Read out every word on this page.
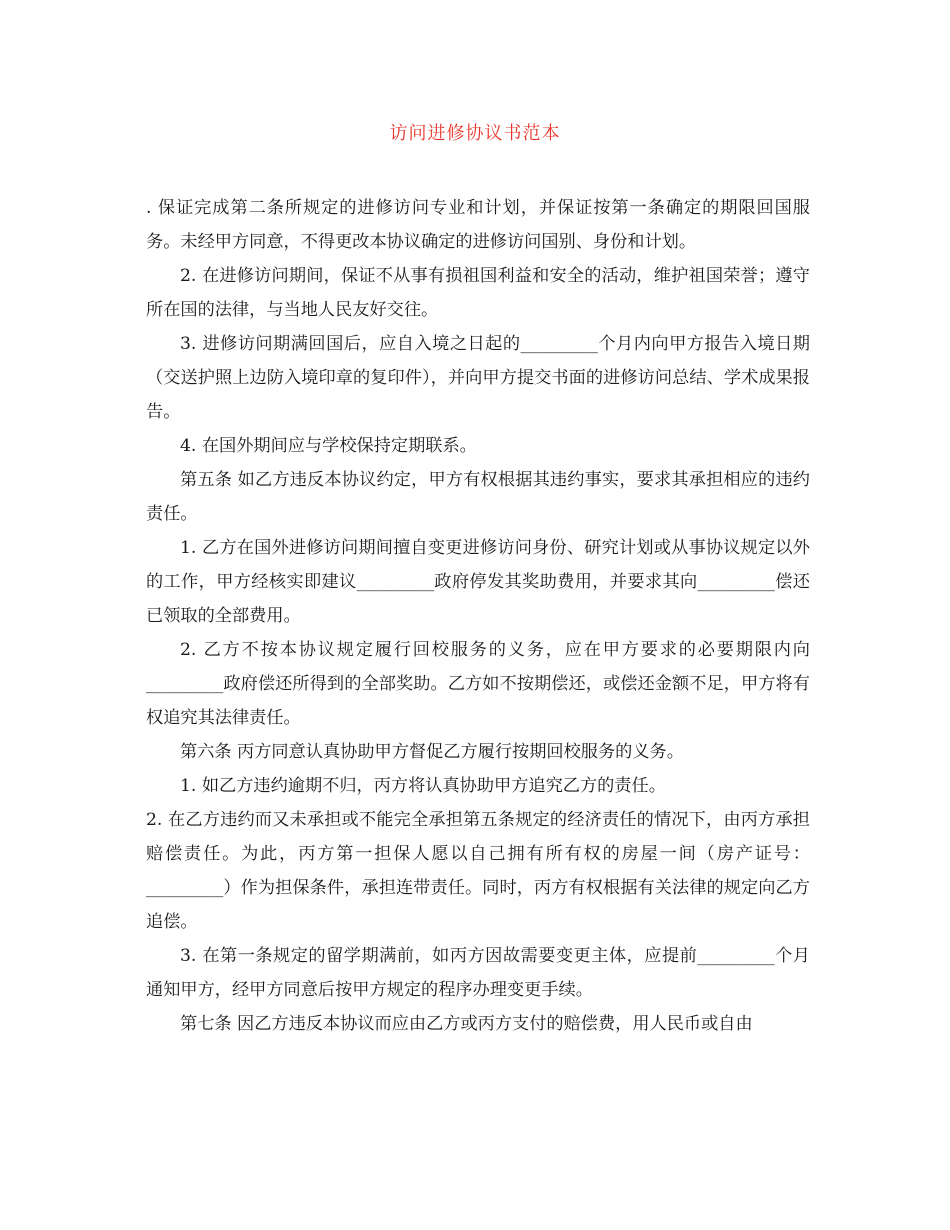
访问进修协议书范本

. 保证完成第二条所规定的进修访问专业和计划，并保证按第一条确定的期限回国服务。未经甲方同意，不得更改本协议确定的进修访问国别、身份和计划。

2. 在进修访问期间，保证不从事有损祖国利益和安全的活动，维护祖国荣誉；遵守所在国的法律，与当地人民友好交往。

3. 进修访问期满回国后，应自入境之日起的_________个月内向甲方报告入境日期（交送护照上边防入境印章的复印件），并向甲方提交书面的进修访问总结、学术成果报告。

4. 在国外期间应与学校保持定期联系。

第五条 如乙方违反本协议约定，甲方有权根据其违约事实，要求其承担相应的违约责任。

1. 乙方在国外进修访问期间擅自变更进修访问身份、研究计划或从事协议规定以外的工作，甲方经核实即建议_________政府停发其奖助费用，并要求其向_________偿还已领取的全部费用。

2. 乙方不按本协议规定履行回校服务的义务，应在甲方要求的必要期限内向_________政府偿还所得到的全部奖助。乙方如不按期偿还，或偿还金额不足，甲方将有权追究其法律责任。

第六条 丙方同意认真协助甲方督促乙方履行按期回校服务的义务。

1. 如乙方违约逾期不归，丙方将认真协助甲方追究乙方的责任。

2. 在乙方违约而又未承担或不能完全承担第五条规定的经济责任的情况下，由丙方承担赔偿责任。为此，丙方第一担保人愿以自己拥有所有权的房屋一间（房产证号：_________）作为担保条件，承担连带责任。同时，丙方有权根据有关法律的规定向乙方追偿。

3. 在第一条规定的留学期满前，如丙方因故需要变更主体，应提前_________个月通知甲方，经甲方同意后按甲方规定的程序办理变更手续。

第七条 因乙方违反本协议而应由乙方或丙方支付的赔偿费，用人民币或自由
